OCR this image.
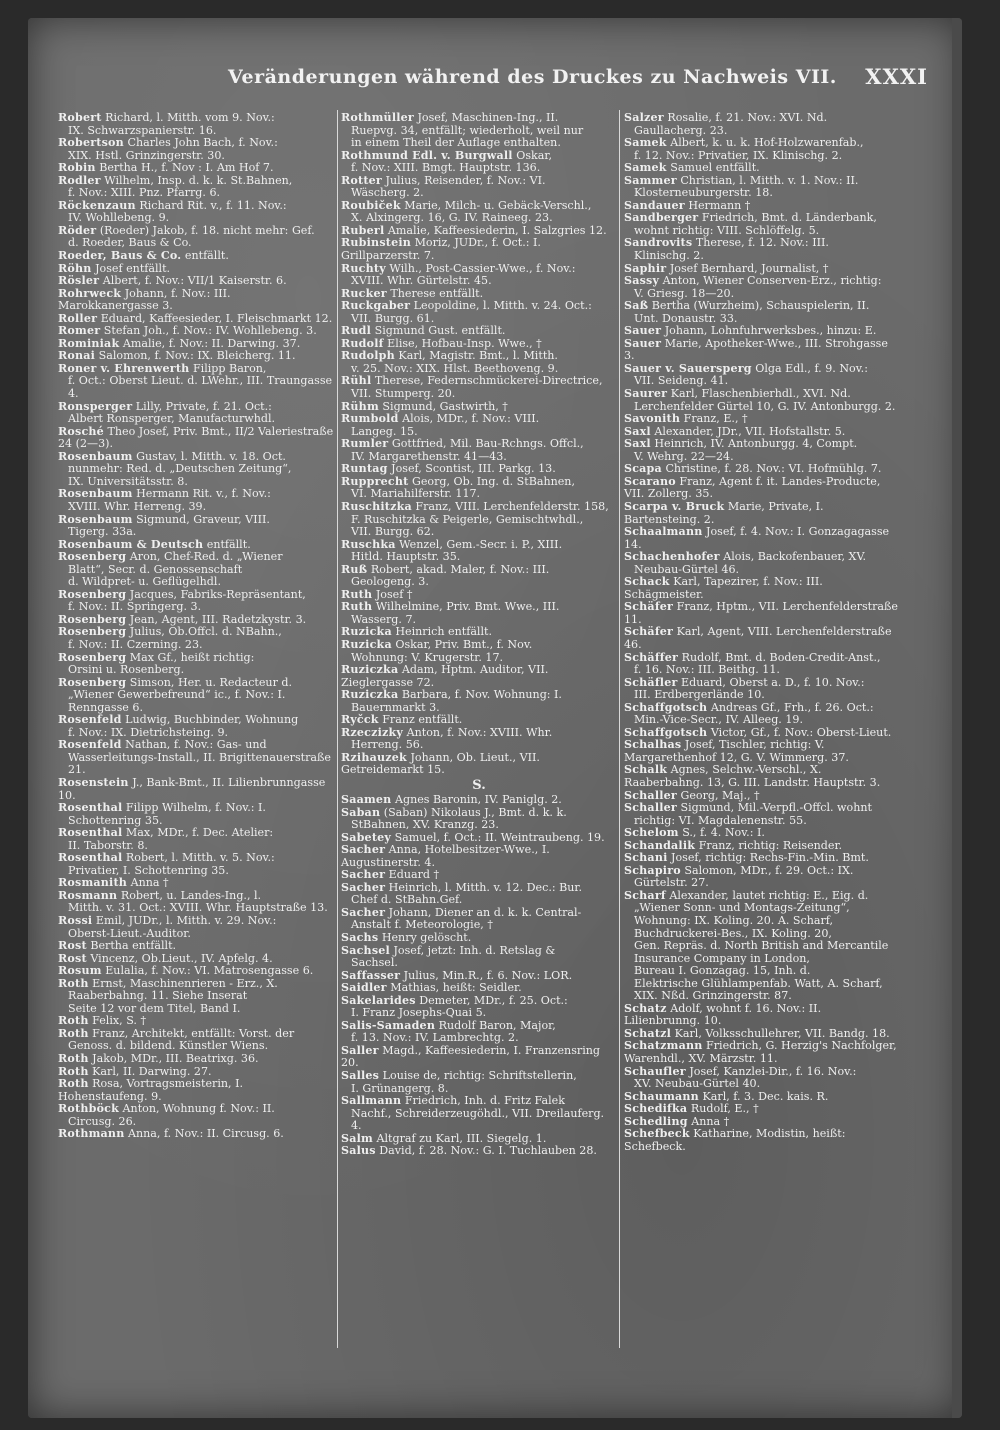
Veränderungen während des Druckes zu Nachweis VII. XXXI
Robert Richard, l. Mitth. vom 9. Nov.:
IX. Schwarzspanierstr. 16.
Robertson Charles John Bach, f. Nov.:
XIX. Hstl. Grinzingerstr. 30.
Robin Bertha H., f. Nov : I. Am Hof 7.
Rodler Wilhelm, Insp. d. k. k. St.Bahnen,
f. Nov.: XIII. Pnz. Pfarrg. 6.
Röckenzaun Richard Rit. v., f. 11. Nov.:
IV. Wohllebeng. 9.
Röder (Roeder) Jakob, f. 18. nicht mehr: Gef.
d. Roeder, Baus & Co.
Roeder, Baus & Co. entfällt.
Röhn Josef entfällt.
Rösler Albert, f. Nov.: VII/1 Kaiserstr. 6.
Rohrweck Johann, f. Nov.: III. Marokkanergasse 3.
Roller Eduard, Kaffeesieder, I. Fleischmarkt 12.
Romer Stefan Joh., f. Nov.: IV. Wohllebeng. 3.
Rominiak Amalie, f. Nov.: II. Darwing. 37.
Ronai Salomon, f. Nov.: IX. Bleicherg. 11.
Roner v. Ehrenwerth Filipp Baron,
f. Oct.: Oberst Lieut. d. LWehr., III. Traungasse 4.
Ronsperger Lilly, Private, f. 21. Oct.:
Albert Ronsperger, Manufacturwhdl.
Rosché Theo Josef, Priv. Bmt., II/2 Valeriestraße 24 (2—3).
Rosenbaum Gustav, l. Mitth. v. 18. Oct.
nunmehr: Red. d. „Deutschen Zeitung“,
IX. Universitätsstr. 8.
Rosenbaum Hermann Rit. v., f. Nov.:
XVIII. Whr. Herreng. 39.
Rosenbaum Sigmund, Graveur, VIII.
Tigerg. 33a.
Rosenbaum & Deutsch entfällt.
Rosenberg Aron, Chef-Red. d. „Wiener
Blatt“, Secr. d. Genossenschaft
d. Wildpret- u. Geflügelhdl.
Rosenberg Jacques, Fabriks-Repräsentant,
f. Nov.: II. Springerg. 3.
Rosenberg Jean, Agent, III. Radetzkystr. 3.
Rosenberg Julius, Ob.Offcl. d. NBahn.,
f. Nov.: II. Czerning. 23.
Rosenberg Max Gf., heißt richtig:
Orsini u. Rosenberg.
Rosenberg Simson, Her. u. Redacteur d.
„Wiener Gewerbefreund“ ic., f. Nov.: I.
Renngasse 6.
Rosenfeld Ludwig, Buchbinder, Wohnung
f. Nov.: IX. Dietrichsteing. 9.
Rosenfeld Nathan, f. Nov.: Gas- und
Wasserleitungs-Install., II. Brigittenauerstraße 21.
Rosenstein J., Bank-Bmt., II. Lilienbrunngasse 10.
Rosenthal Filipp Wilhelm, f. Nov.: I.
Schottenring 35.
Rosenthal Max, MDr., f. Dec. Atelier:
II. Taborstr. 8.
Rosenthal Robert, l. Mitth. v. 5. Nov.:
Privatier, I. Schottenring 35.
Rosmanith Anna †
Rosmann Robert, u. Landes-Ing., l.
Mitth. v. 31. Oct.: XVIII. Whr. Hauptstraße 13.
Rossi Emil, JUDr., l. Mitth. v. 29. Nov.:
Oberst-Lieut.-Auditor.
Rost Bertha entfällt.
Rost Vincenz, Ob.Lieut., IV. Apfelg. 4.
Rosum Eulalia, f. Nov.: VI. Matrosengasse 6.
Roth Ernst, Maschinenrieren - Erz., X.
Raaberbahng. 11. Siehe Inserat
Seite 12 vor dem Titel, Band I.
Roth Felix, S. †
Roth Franz, Architekt, entfällt: Vorst. der
Genoss. d. bildend. Künstler Wiens.
Roth Jakob, MDr., III. Beatrixg. 36.
Roth Karl, II. Darwing. 27.
Roth Rosa, Vortragsmeisterin, I. Hohenstaufeng. 9.
Rothböck Anton, Wohnung f. Nov.: II.
Circusg. 26.
Rothmann Anna, f. Nov.: II. Circusg. 6.
Rothmüller Josef, Maschinen-Ing., II.
Ruepvg. 34, entfällt; wiederholt, weil nur
in einem Theil der Auflage enthalten.
Rothmund Edl. v. Burgwall Oskar,
f. Nov.: XIII. Bmgt. Hauptstr. 136.
Rotter Julius, Reisender, f. Nov.: VI.
Wäscherg. 2.
Roubiček Marie, Milch- u. Gebäck-Verschl.,
X. Alxingerg. 16, G. IV. Raineeg. 23.
Ruberl Amalie, Kaffeesiederin, I. Salzgries 12.
Rubinstein Moriz, JUDr., f. Oct.: I. Grillparzerstr. 7.
Ruchty Wilh., Post-Cassier-Wwe., f. Nov.:
XVIII. Whr. Gürtelstr. 45.
Rucker Therese entfällt.
Ruckgaber Leopoldine, l. Mitth. v. 24. Oct.:
VII. Burgg. 61.
Rudl Sigmund Gust. entfällt.
Rudolf Elise, Hofbau-Insp. Wwe., †
Rudolph Karl, Magistr. Bmt., l. Mitth.
v. 25. Nov.: XIX. Hlst. Beethoveng. 9.
Rühl Therese, Federnschmückerei-Directrice,
VII. Stumperg. 20.
Rühm Sigmund, Gastwirth, †
Rumbold Alois, MDr., f. Nov.: VIII.
Langeg. 15.
Rumler Gottfried, Mil. Bau-Rchngs. Offcl.,
IV. Margarethenstr. 41—43.
Runtag Josef, Scontist, III. Parkg. 13.
Rupprecht Georg, Ob. Ing. d. StBahnen,
VI. Mariahilferstr. 117.
Ruschitzka Franz, VIII. Lerchenfelderstr. 158,
F. Ruschitzka & Peigerle, Gemischtwhdl.,
VII. Burgg. 62.
Ruschka Wenzel, Gem.-Secr. i. P., XIII.
Hitld. Hauptstr. 35.
Ruß Robert, akad. Maler, f. Nov.: III.
Geologeng. 3.
Ruth Josef †
Ruth Wilhelmine, Priv. Bmt. Wwe., III.
Wasserg. 7.
Ruzicka Heinrich entfällt.
Ruzicka Oskar, Priv. Bmt., f. Nov.
Wohnung: V. Krugerstr. 17.
Ruziczka Adam, Hptm. Auditor, VII. Zieglergasse 72.
Ruziczka Barbara, f. Nov. Wohnung: I.
Bauernmarkt 3.
Ryčck Franz entfällt.
Rzeczizky Anton, f. Nov.: XVIII. Whr.
Herreng. 56.
Rzihauzek Johann, Ob. Lieut., VII. Getreidemarkt 15.
S.
Saamen Agnes Baronin, IV. Paniglg. 2.
Saban (Saban) Nikolaus J., Bmt. d. k. k.
StBahnen, XV. Kranzg. 23.
Sabetey Samuel, f. Oct.: II. Weintraubeng. 19.
Sacher Anna, Hotelbesitzer-Wwe., I. Augustinerstr. 4.
Sacher Eduard †
Sacher Heinrich, l. Mitth. v. 12. Dec.: Bur.
Chef d. StBahn.Gef.
Sacher Johann, Diener an d. k. k. Central-
Anstalt f. Meteorologie, †
Sachs Henry gelöscht.
Sachsel Josef, jetzt: Inh. d. Retslag &
Sachsel.
Saffasser Julius, Min.R., f. 6. Nov.: LOR.
Saidler Mathias, heißt: Seidler.
Sakelarides Demeter, MDr., f. 25. Oct.:
I. Franz Josephs-Quai 5.
Salis-Samaden Rudolf Baron, Major,
f. 13. Nov.: IV. Lambrechtg. 2.
Saller Magd., Kaffeesiederin, I. Franzensring 20.
Salles Louise de, richtig: Schriftstellerin,
I. Grünangerg. 8.
Sallmann Friedrich, Inh. d. Fritz Falek
Nachf., Schreiderzeugöhdl., VII. Dreilauferg. 4.
Salm Altgraf zu Karl, III. Siegelg. 1.
Salus David, f. 28. Nov.: G. I. Tuchlauben 28.
Salzer Rosalie, f. 21. Nov.: XVI. Nd.
Gaullacherg. 23.
Samek Albert, k. u. k. Hof-Holzwarenfab.,
f. 12. Nov.: Privatier, IX. Klinischg. 2.
Samek Samuel entfällt.
Sammer Christian, l. Mitth. v. 1. Nov.: II.
Klosterneuburgerstr. 18.
Sandauer Hermann †
Sandberger Friedrich, Bmt. d. Länderbank,
wohnt richtig: VIII. Schlöffelg. 5.
Sandrovits Therese, f. 12. Nov.: III.
Klinischg. 2.
Saphir Josef Bernhard, Journalist, †
Sassy Anton, Wiener Conserven-Erz., richtig:
V. Griesg. 18—20.
Saß Bertha (Wurzheim), Schauspielerin, II.
Unt. Donaustr. 33.
Sauer Johann, Lohnfuhrwerksbes., hinzu: E.
Sauer Marie, Apotheker-Wwe., III. Strohgasse 3.
Sauer v. Sauersperg Olga Edl., f. 9. Nov.:
VII. Seideng. 41.
Saurer Karl, Flaschenbierhdl., XVI. Nd.
Lerchenfelder Gürtel 10, G. IV. Antonburgg. 2.
Savonith Franz, E., †
Saxl Alexander, JDr., VII. Hofstallstr. 5.
Saxl Heinrich, IV. Antonburgg. 4, Compt.
V. Wehrg. 22—24.
Scapa Christine, f. 28. Nov.: VI. Hofmühlg. 7.
Scarano Franz, Agent f. it. Landes-Producte, VII. Zollerg. 35.
Scarpa v. Bruck Marie, Private, I. Bartensteing. 2.
Schaalmann Josef, f. 4. Nov.: I. Gonzagagasse 14.
Schachenhofer Alois, Backofenbauer, XV.
Neubau-Gürtel 46.
Schack Karl, Tapezirer, f. Nov.: III. Schägmeister.
Schäfer Franz, Hptm., VII. Lerchenfelderstraße 11.
Schäfer Karl, Agent, VIII. Lerchenfelderstraße 46.
Schäffer Rudolf, Bmt. d. Boden-Credit-Anst.,
f. 16. Nov.: III. Beithg. 11.
Schäfler Eduard, Oberst a. D., f. 10. Nov.:
III. Erdbergerlände 10.
Schaffgotsch Andreas Gf., Frh., f. 26. Oct.:
Min.-Vice-Secr., IV. Alleeg. 19.
Schaffgotsch Victor, Gf., f. Nov.: Oberst-Lieut.
Schalhas Josef, Tischler, richtig: V. Margarethenhof 12, G. V. Wimmerg. 37.
Schalk Agnes, Selchw.-Verschl., X. Raaberbahng. 13, G. III. Landstr. Hauptstr. 3.
Schaller Georg, Maj., †
Schaller Sigmund, Mil.-Verpfl.-Offcl. wohnt
richtig: VI. Magdalenenstr. 55.
Schelom S., f. 4. Nov.: I.
Schandalik Franz, richtig: Reisender.
Schani Josef, richtig: Rechs-Fin.-Min. Bmt.
Schapiro Salomon, MDr., f. 29. Oct.: IX.
Gürtelstr. 27.
Scharf Alexander, lautet richtig: E., Eig. d.
„Wiener Sonn- und Montags-Zeitung“,
Wohnung: IX. Koling. 20. A. Scharf,
Buchdruckerei-Bes., IX. Koling. 20,
Gen. Repräs. d. North British and Mercantile Insurance Company in London,
Bureau I. Gonzagag. 15, Inh. d.
Elektrische Glühlampenfab. Watt, A. Scharf,
XIX. Nßd. Grinzingerstr. 87.
Schatz Adolf, wohnt f. 16. Nov.: II. Lilienbrunng. 10.
Schatzl Karl, Volksschullehrer, VII. Bandg. 18.
Schatzmann Friedrich, G. Herzig's Nachfolger, Warenhdl., XV. Märzstr. 11.
Schaufler Josef, Kanzlei-Dir., f. 16. Nov.:
XV. Neubau-Gürtel 40.
Schaumann Karl, f. 3. Dec. kais. R.
Schedifka Rudolf, E., †
Schedling Anna †
Schefbeck Katharine, Modistin, heißt: Schefbeck.
